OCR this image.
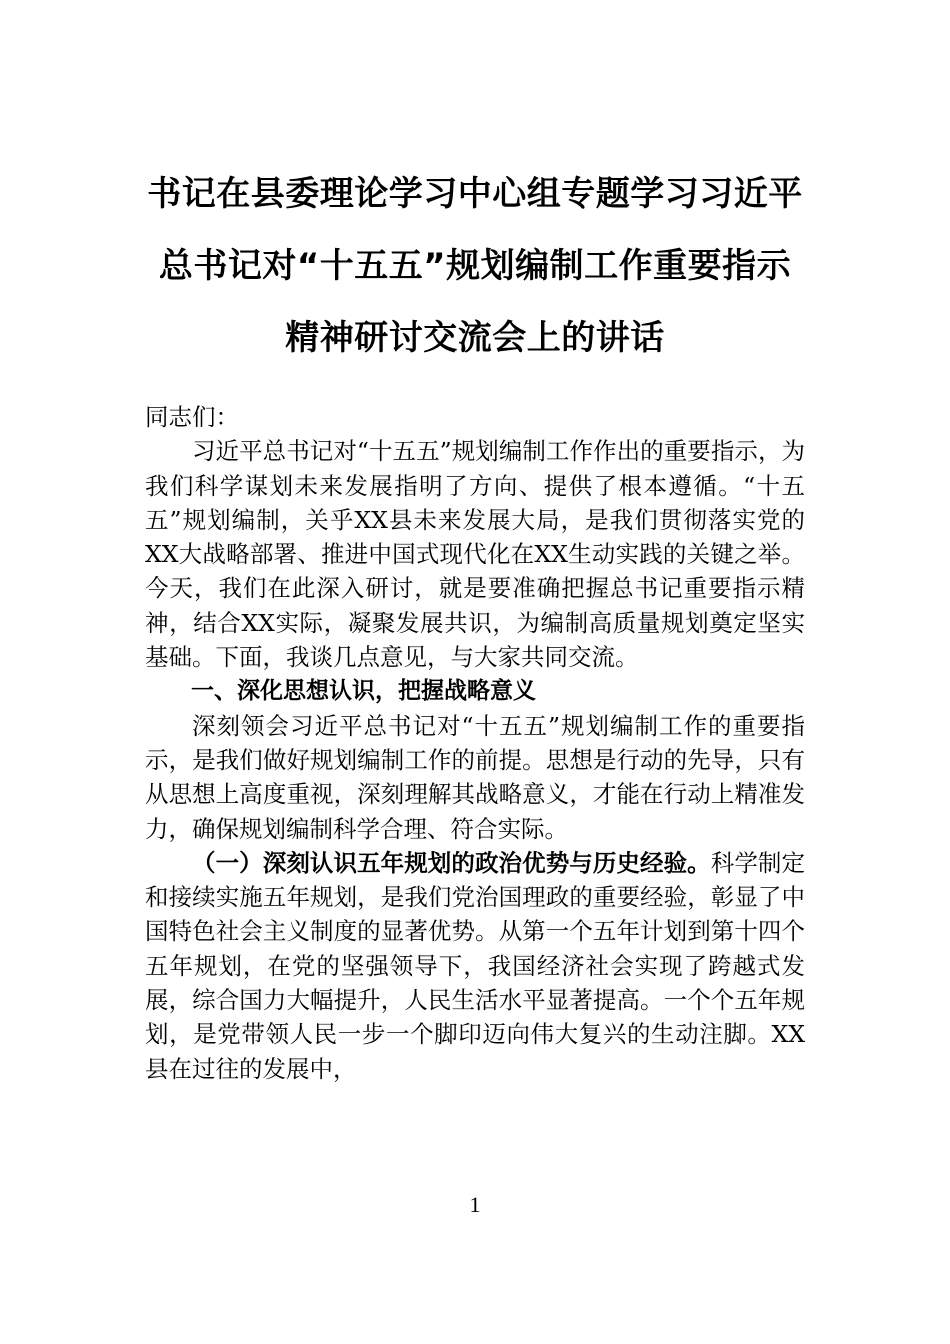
书记在县委理论学习中心组专题学习习近平总书记对“十五五”规划编制工作重要指示精神研讨交流会上的讲话

同志们：

习近平总书记对“十五五”规划编制工作作出的重要指示，为我们科学谋划未来发展指明了方向、提供了根本遵循。“十五五”规划编制，关乎XX县未来发展大局，是我们贯彻落实党的XX大战略部署、推进中国式现代化在XX生动实践的关键之举。今天，我们在此深入研讨，就是要准确把握总书记重要指示精神，结合XX实际，凝聚发展共识，为编制高质量规划奠定坚实基础。下面，我谈几点意见，与大家共同交流。

一、深化思想认识，把握战略意义

深刻领会习近平总书记对“十五五”规划编制工作的重要指示，是我们做好规划编制工作的前提。思想是行动的先导，只有从思想上高度重视，深刻理解其战略意义，才能在行动上精准发力，确保规划编制科学合理、符合实际。

（一）深刻认识五年规划的政治优势与历史经验。科学制定和接续实施五年规划，是我们党治国理政的重要经验，彰显了中国特色社会主义制度的显著优势。从第一个五年计划到第十四个五年规划，在党的坚强领导下，我国经济社会实现了跨越式发展，综合国力大幅提升，人民生活水平显著提高。一个个五年规划，是党带领人民一步一个脚印迈向伟大复兴的生动注脚。XX县在过往的发展中，

1
